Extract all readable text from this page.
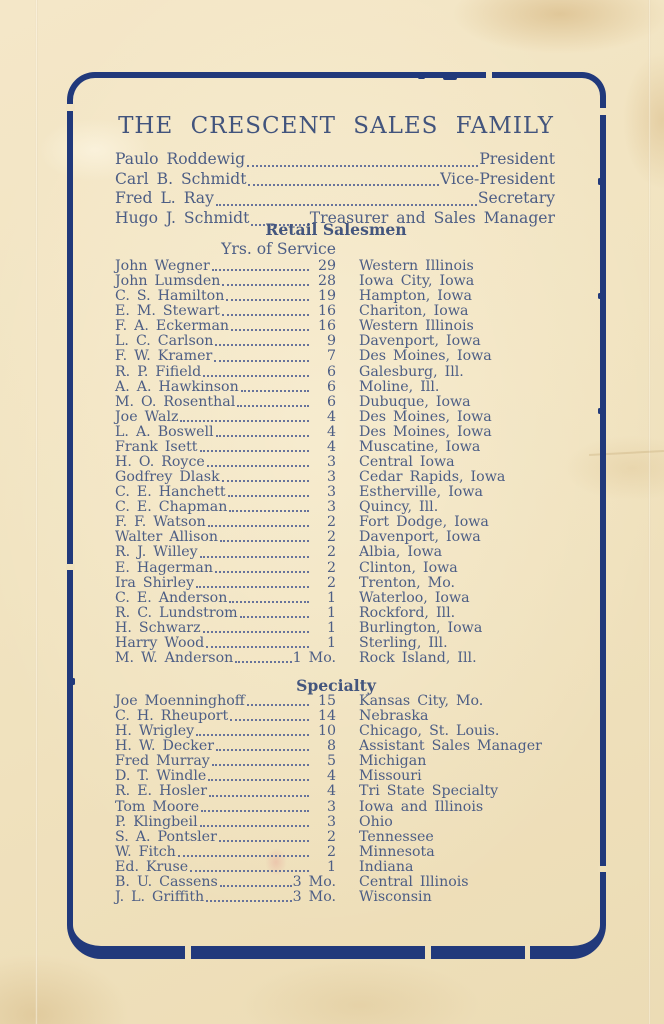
THE CRESCENT SALES FAMILY
Paulo Roddewig	President
Carl B. Schmidt	Vice-President
Fred L. Ray	Secretary
Hugo J. Schmidt	Treasurer and Sales Manager
Retail Salesmen
Yrs. of Service
John Wegner	29 Western Illinois
John Lumsden	28 Iowa City, Iowa
C. S. Hamilton	19 Hampton, Iowa
E. M. Stewart	16 Chariton, Iowa
F. A. Eckerman	16 Western Illinois
L. C. Carlson	9 Davenport, Iowa
F. W. Kramer	7 Des Moines, Iowa
R. P. Fifield	6 Galesburg, Ill.
A. A. Hawkinson	6 Moline, Ill.
M. O. Rosenthal	6 Dubuque, Iowa
Joe Walz	4 Des Moines, Iowa
L. A. Boswell	4 Des Moines, Iowa
Frank Isett	4 Muscatine, Iowa
H. O. Royce	3 Central Iowa
Godfrey Dlask	3 Cedar Rapids, Iowa
C. E. Hanchett	3 Estherville, Iowa
C. E. Chapman	3 Quincy, Ill.
F. F. Watson	2 Fort Dodge, Iowa
Walter Allison	2 Davenport, Iowa
R. J. Willey	2 Albia, Iowa
E. Hagerman	2 Clinton, Iowa
Ira Shirley	2 Trenton, Mo.
C. E. Anderson	1 Waterloo, Iowa
R. C. Lundstrom	1 Rockford, Ill.
H. Schwarz	1 Burlington, Iowa
Harry Wood	1 Sterling, Ill.
M. W. Anderson	1 Mo. Rock Island, Ill.
Specialty
Joe Moenninghoff	15 Kansas City, Mo.
C. H. Rheuport	14 Nebraska
H. Wrigley	10 Chicago, St. Louis.
H. W. Decker	8 Assistant Sales Manager
Fred Murray	5 Michigan
D. T. Windle	4 Missouri
R. E. Hosler	4 Tri State Specialty
Tom Moore	3 Iowa and Illinois
P. Klingbeil	3 Ohio
S. A. Pontsler	2 Tennessee
W. Fitch	2 Minnesota
Ed. Kruse	1 Indiana
B. U. Cassens	3 Mo. Central Illinois
J. L. Griffith	3 Mo. Wisconsin
